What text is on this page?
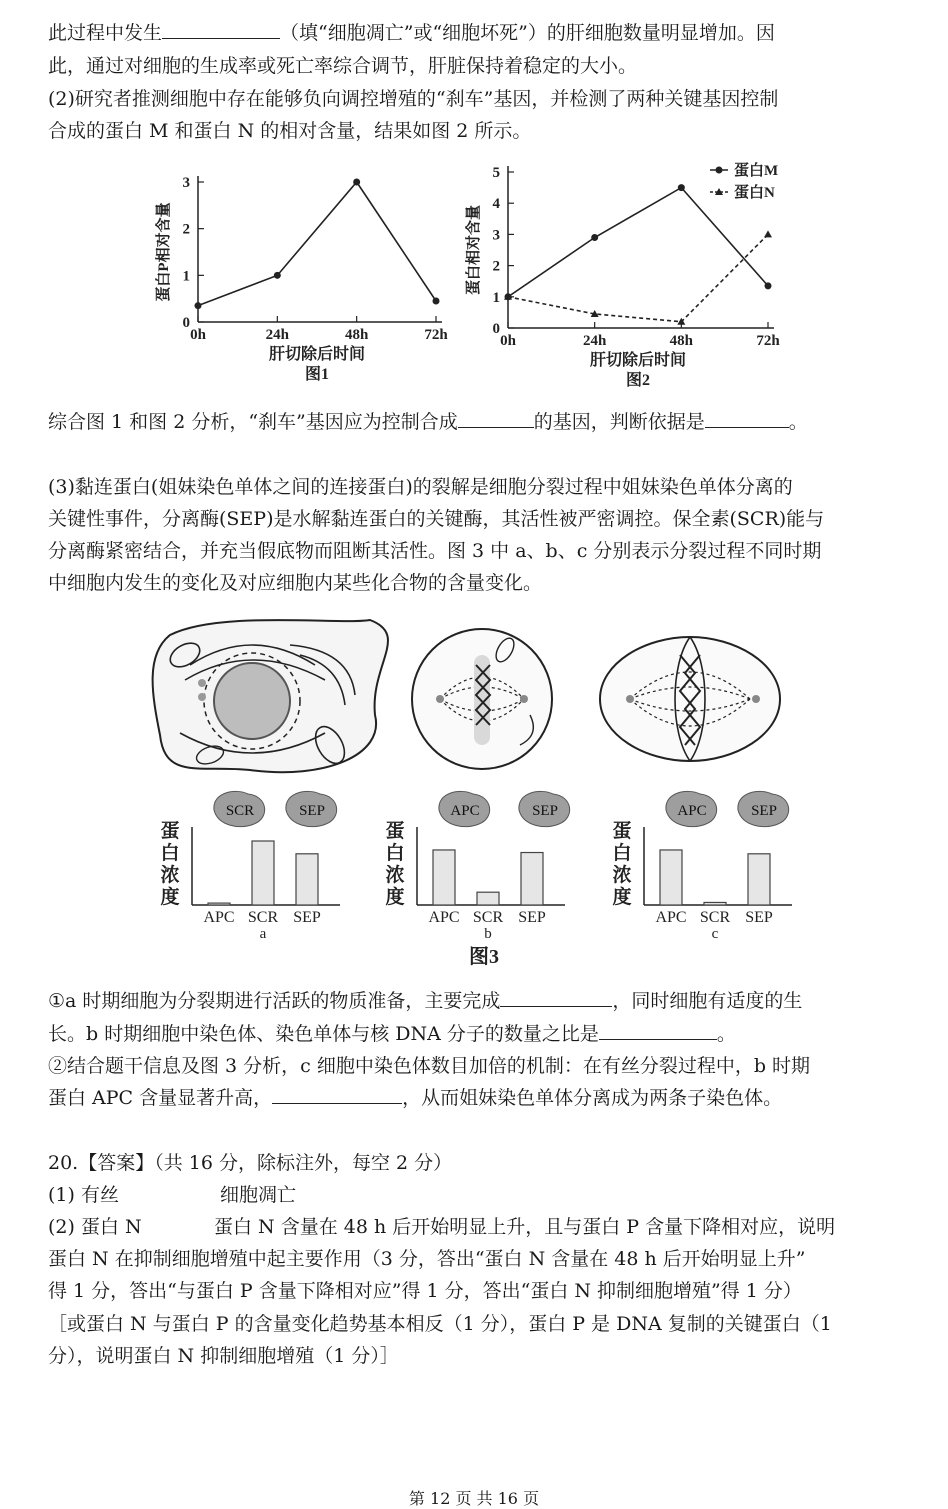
此过程中发生	（填“细胞凋亡”或“细胞坏死”）的肝细胞数量明显增加。因
此，通过对细胞的生成率或死亡率综合调节，肝脏保持着稳定的大小。
(2)研究者推测细胞中存在能够负向调控增殖的“刹车”基因，并检测了两种关键基因控制
合成的蛋白 M 和蛋白 N 的相对含量，结果如图 2 所示。
0
1
2
3
0h	24h	48h	72h
肝切除后时间
图1
蛋白P相对含量
0
1
2
3
4
5
0h	24h	48h	72h
肝切除后时间
图2
蛋白相对含量
蛋白M
蛋白N
综合图 1 和图 2 分析，“刹车”基因应为控制合成	的基因，判断依据是	。
(3)黏连蛋白(姐妹染色单体之间的连接蛋白)的裂解是细胞分裂过程中姐妹染色单体分离的
关键性事件，分离酶(SEP)是水解黏连蛋白的关键酶，其活性被严密调控。保全素(SCR)能与
分离酶紧密结合，并充当假底物而阻断其活性。图 3 中 a、b、c 分别表示分裂过程不同时期
中细胞内发生的变化及对应细胞内某些化合物的含量变化。
蛋
白
浓
度
APC SCR SEP
a
SCR	SEP
蛋
白
浓
度
APC SCR SEP
b
APC	SEP
蛋
白
浓
度
APC SCR SEP
c
APC	SEP
图3
①a 时期细胞为分裂期进行活跃的物质准备，主要完成	，同时细胞有适度的生
长。b 时期细胞中染色体、染色单体与核 DNA 分子的数量之比是	。
②结合题干信息及图 3 分析，c 细胞中染色体数目加倍的机制：在有丝分裂过程中，b 时期
蛋白 APC 含量显著升高，	，从而姐妹染色单体分离成为两条子染色体。
20.【答案】（共 16 分，除标注外，每空 2 分）
(1) 有丝	细胞凋亡
(2) 蛋白 N	蛋白 N 含量在 48 h 后开始明显上升，且与蛋白 P 含量下降相对应，说明
蛋白 N 在抑制细胞增殖中起主要作用（3 分，答出“蛋白 N 含量在 48 h 后开始明显上升”
得 1 分，答出“与蛋白 P 含量下降相对应”得 1 分，答出“蛋白 N 抑制细胞增殖”得 1 分）
［或蛋白 N 与蛋白 P 的含量变化趋势基本相反（1 分），蛋白 P 是 DNA 复制的关键蛋白（1
分），说明蛋白 N 抑制细胞增殖（1 分）］
第 12 页 共 16 页
